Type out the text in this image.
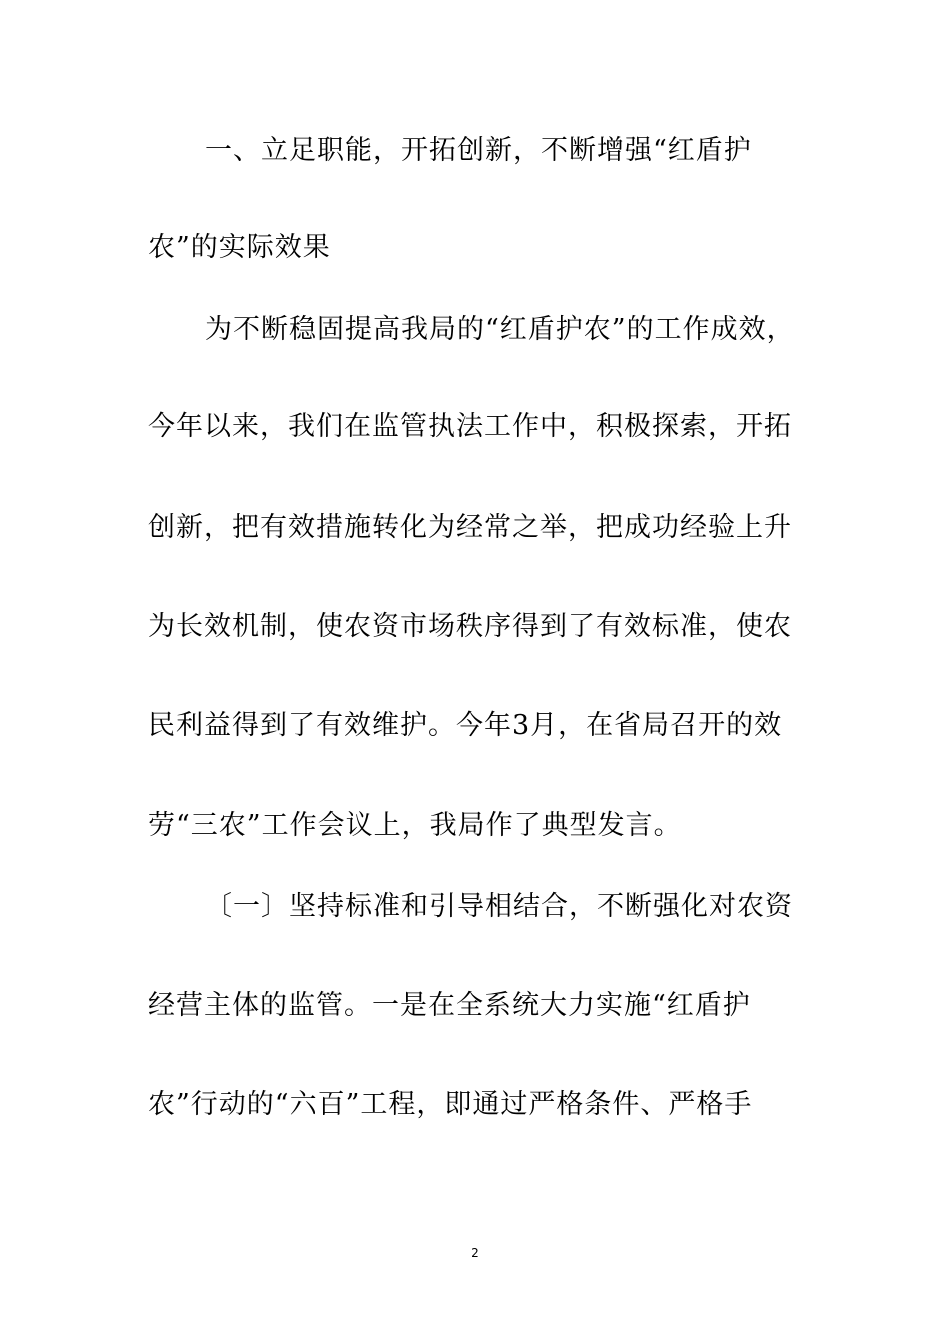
一、立足职能，开拓创新，不断增强“红盾护
农”的实际效果
为不断稳固提高我局的“红盾护农”的工作成效，
今年以来，我们在监管执法工作中，积极探索，开拓
创新，把有效措施转化为经常之举，把成功经验上升
为长效机制，使农资市场秩序得到了有效标准，使农
民利益得到了有效维护。今年3月，在省局召开的效
劳“三农”工作会议上，我局作了典型发言。
〔一〕坚持标准和引导相结合，不断强化对农资
经营主体的监管。一是在全系统大力实施“红盾护
农”行动的“六百”工程，即通过严格条件、严格手
2
